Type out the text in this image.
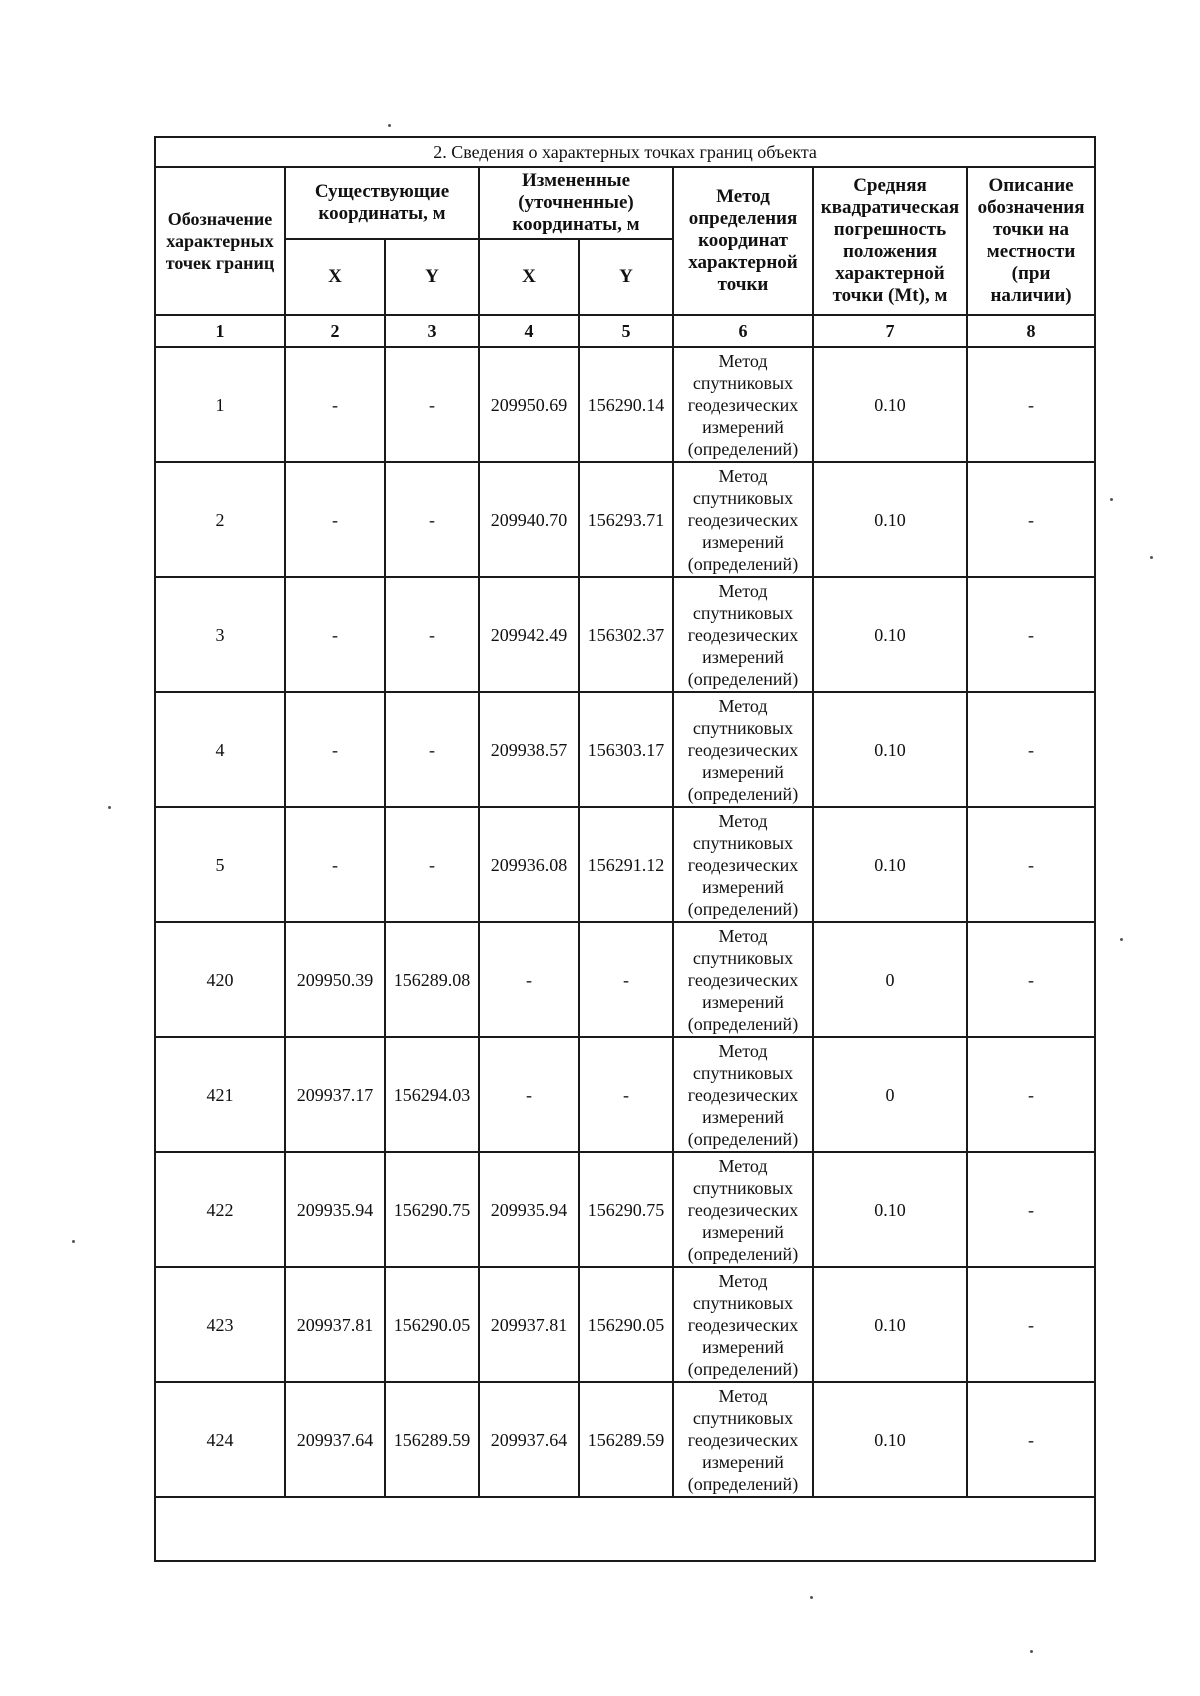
2. Сведения о характерных точках границ объекта							
Обозначение характерных точек границ	Существующие координаты, м		Измененные (уточненные) координаты, м		Метод определения координат характерной точки	Средняя квадратическая погрешность положения характерной точки (Mt), м	Описание обозначения точки на местности (при наличии)
	X	Y	X	Y			
1	2	3	4	5	6	7	8
1	-	-	209950.69	156290.14	Метод спутниковых геодезических измерений (определений)	0.10	-
2	-	-	209940.70	156293.71	Метод спутниковых геодезических измерений (определений)	0.10	-
3	-	-	209942.49	156302.37	Метод спутниковых геодезических измерений (определений)	0.10	-
4	-	-	209938.57	156303.17	Метод спутниковых геодезических измерений (определений)	0.10	-
5	-	-	209936.08	156291.12	Метод спутниковых геодезических измерений (определений)	0.10	-
420	209950.39	156289.08	-	-	Метод спутниковых геодезических измерений (определений)	0	-
421	209937.17	156294.03	-	-	Метод спутниковых геодезических измерений (определений)	0	-
422	209935.94	156290.75	209935.94	156290.75	Метод спутниковых геодезических измерений (определений)	0.10	-
423	209937.81	156290.05	209937.81	156290.05	Метод спутниковых геодезических измерений (определений)	0.10	-
424	209937.64	156289.59	209937.64	156289.59	Метод спутниковых геодезических измерений (определений)	0.10	-
